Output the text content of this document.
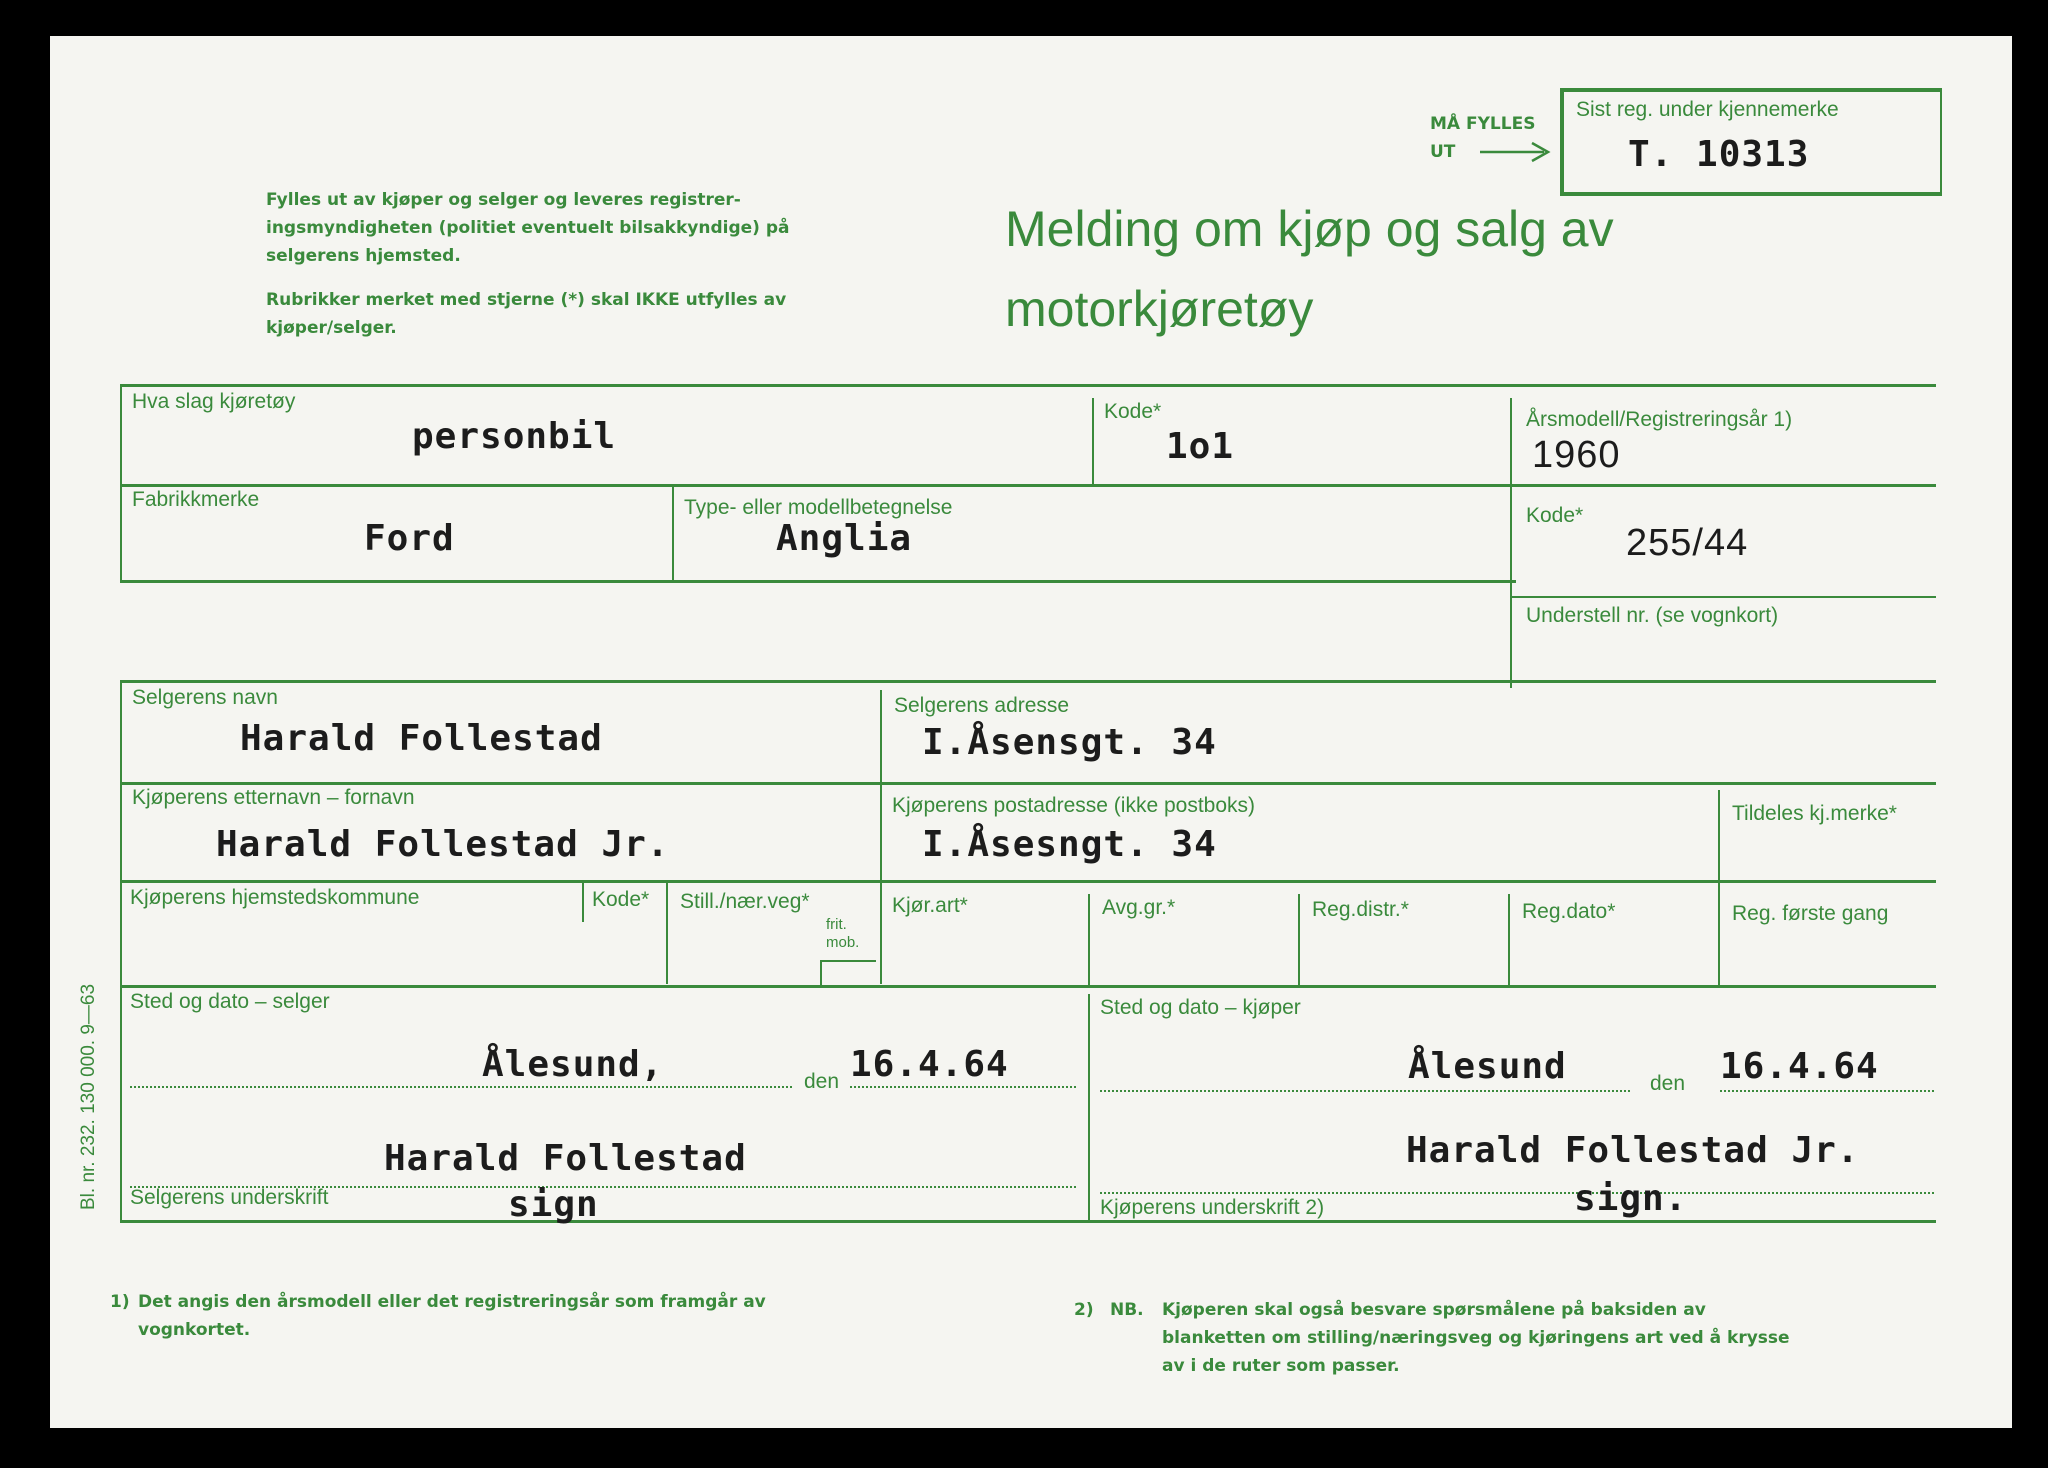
Fylles ut av kjøper og selger og leveres registrer-ingsmyndigheten (politiet eventuelt bilsakkyndige) på selgerens hjemsted.
Rubrikker merket med stjerne (*) skal IKKE utfylles av kjøper/selger.
Melding om kjøp og salg av
motorkjøretøy
MÅ FYLLES
UT
Sist reg. under kjennemerke
T. 10313
Hva slag kjøretøy
personbil
Kode*
1o1
Årsmodell/Registreringsår 1)
1960
Fabrikkmerke
Ford
Type- eller modellbetegnelse
Anglia
Kode*
255/44
Understell nr. (se vognkort)
Selgerens navn
Harald Follestad
Selgerens adresse
I.Åsensgt. 34
Kjøperens etternavn – fornavn
Harald Follestad Jr.
Kjøperens postadresse (ikke postboks)
I.Åsesngt. 34
Tildeles kj.merke*
Kjøperens hjemstedskommune	Kode* Still./nær.veg*
frit.
mob.
Kjør.art*	Avg.gr.*	Reg.distr.*	Reg.dato*	Reg. første gang
Sted og dato – selger
Ålesund,	den 16.4.64
Harald Follestad
sign
Selgerens underskrift
Sted og dato – kjøper
Ålesund	den 16.4.64
Harald Follestad Jr.
sign.
Kjøperens underskrift 2)
Bl. nr. 232. 130 000. 9—63
1) Det angis den årsmodell eller det registreringsår som framgår av vognkortet.
2) NB. Kjøperen skal også besvare spørsmålene på baksiden av blanketten om stilling/næringsveg og kjøringens art ved å krysse av i de ruter som passer.
